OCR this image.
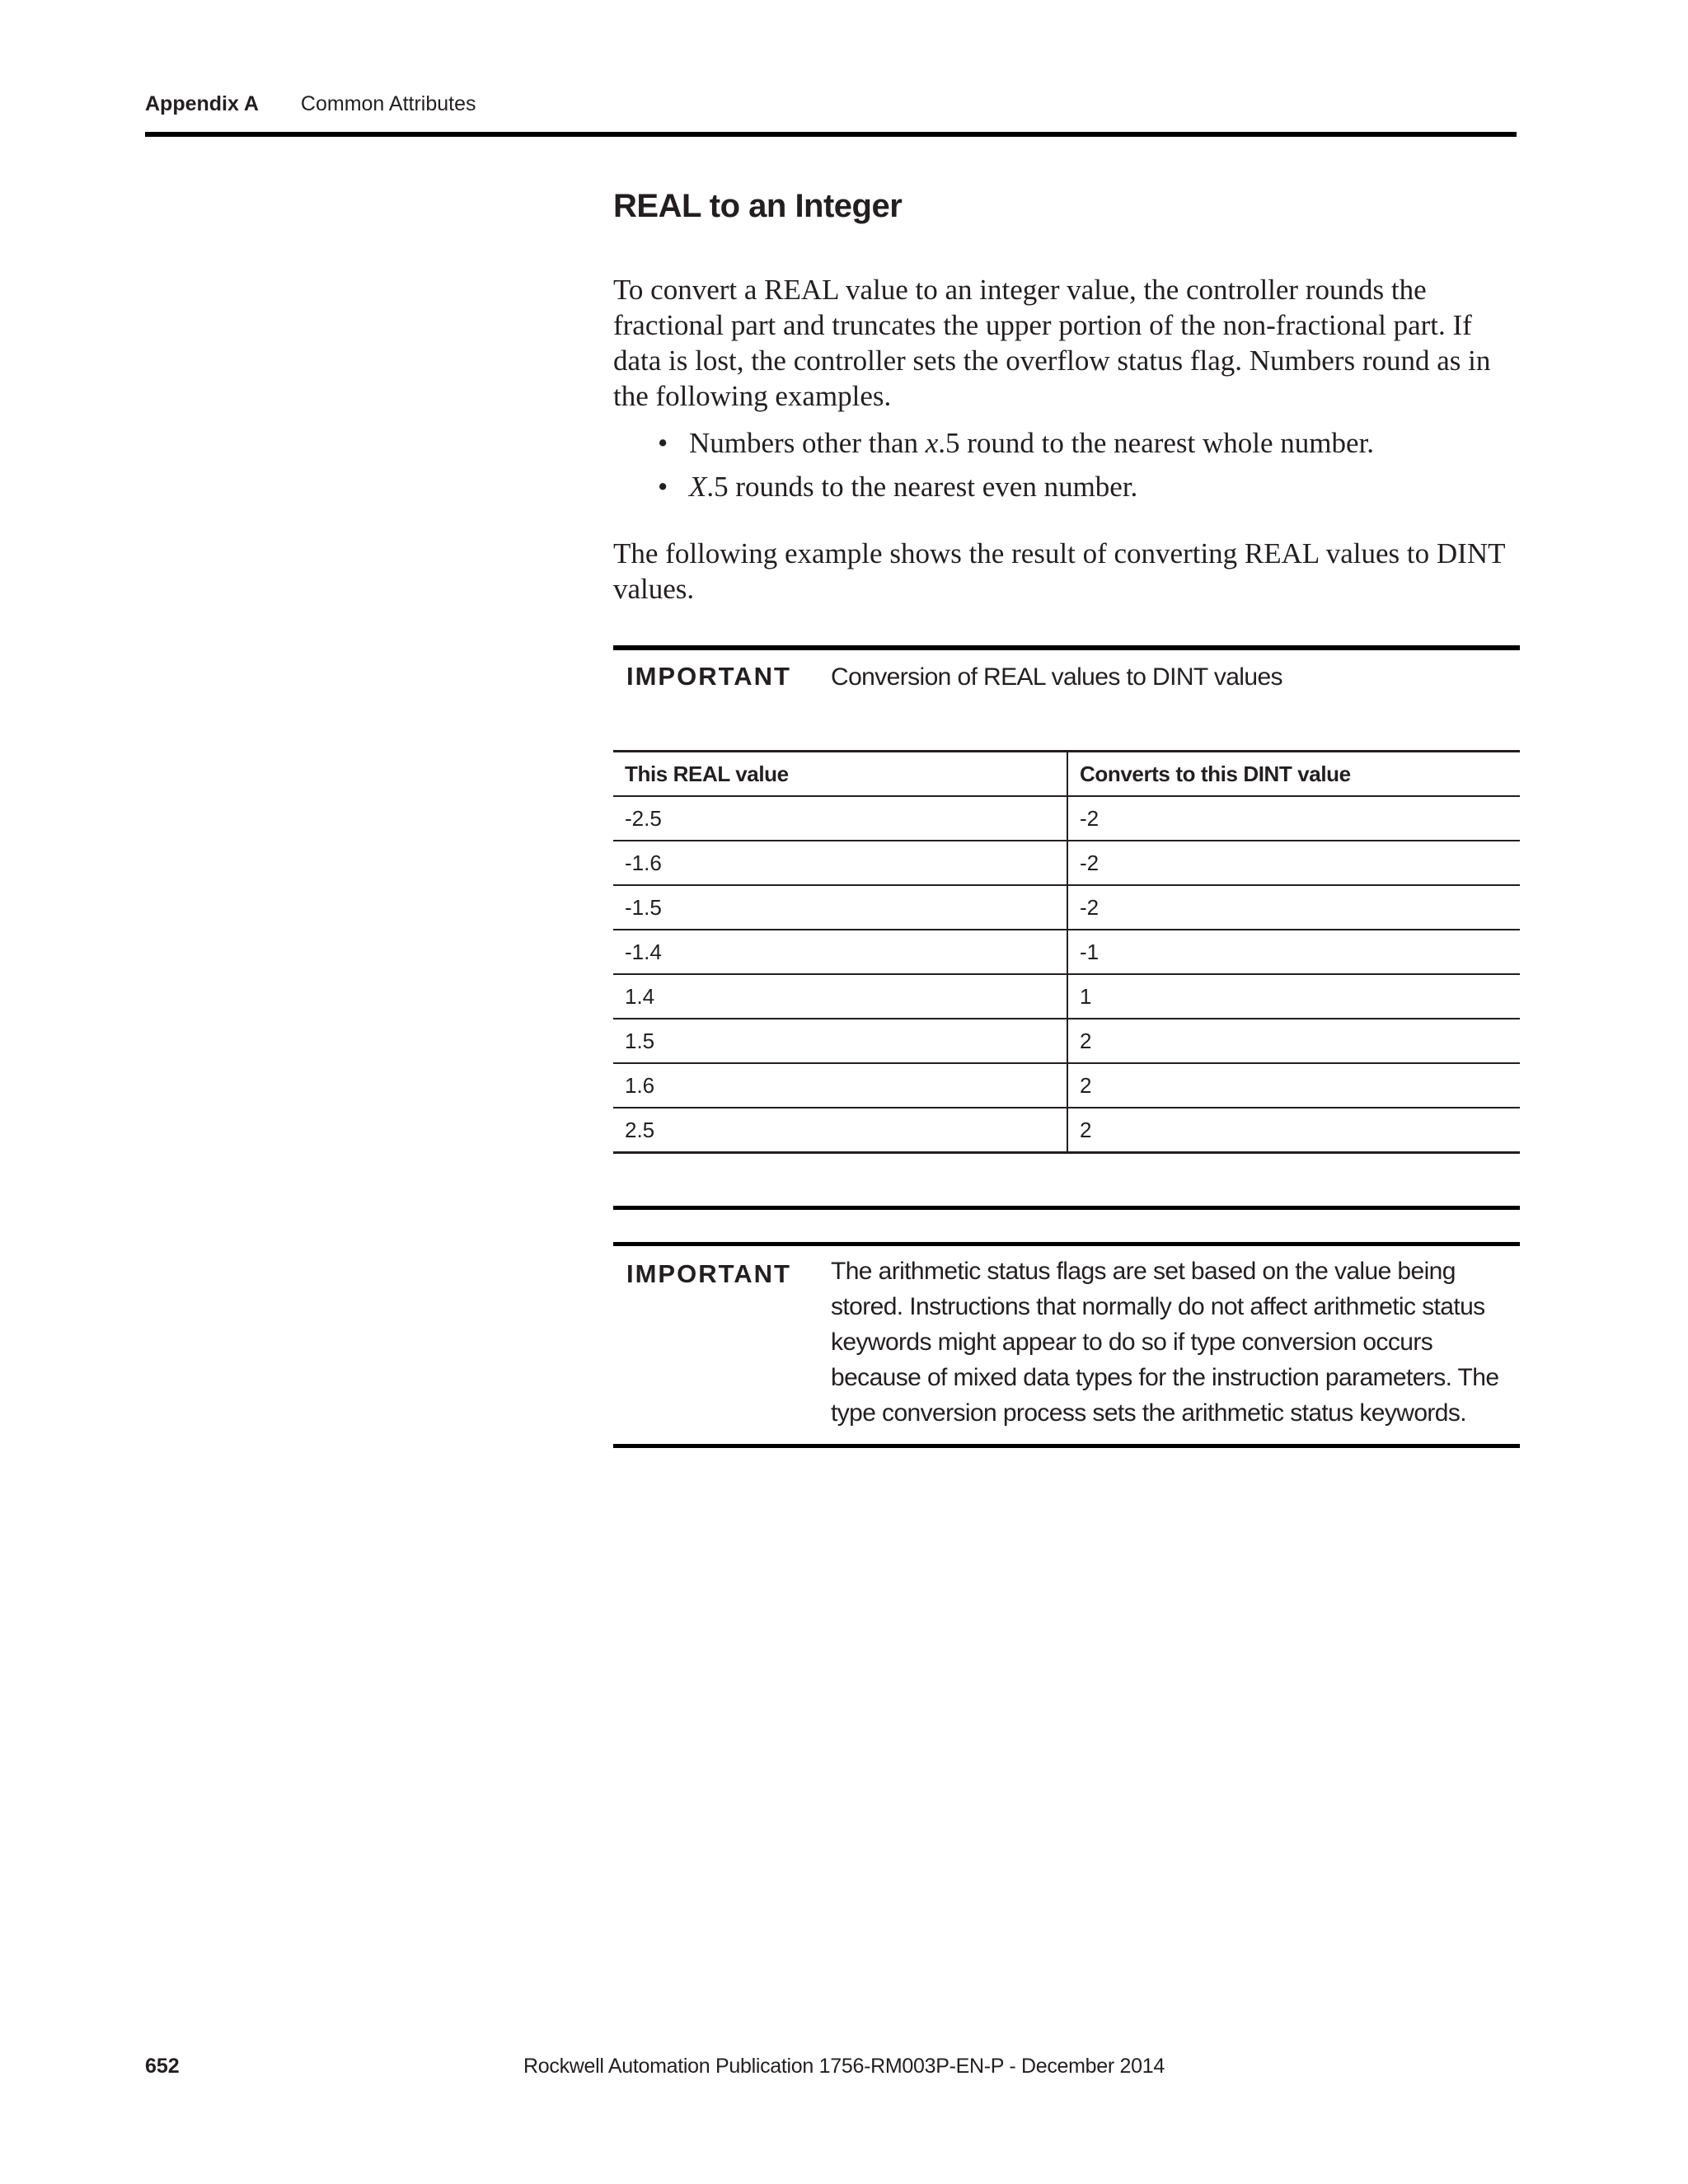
Appendix A Common Attributes
REAL to an Integer

To convert a REAL value to an integer value, the controller rounds the fractional part and truncates the upper portion of the non-fractional part. If data is lost, the controller sets the overflow status flag. Numbers round as in the following examples.

• Numbers other than x.5 round to the nearest whole number.
• X.5 rounds to the nearest even number.

The following example shows the result of converting REAL values to DINT values.

IMPORTANT Conversion of REAL values to DINT values
This REAL value	Converts to this DINT value
-2.5	-2
-1.6	-2
-1.5	-2
-1.4	-1
1.4	1
1.5	2
1.6	2
2.5	2
IMPORTANT The arithmetic status flags are set based on the value being stored. Instructions that normally do not affect arithmetic status keywords might appear to do so if type conversion occurs because of mixed data types for the instruction parameters. The type conversion process sets the arithmetic status keywords.
652	Rockwell Automation Publication 1756-RM003P-EN-P - December 2014
